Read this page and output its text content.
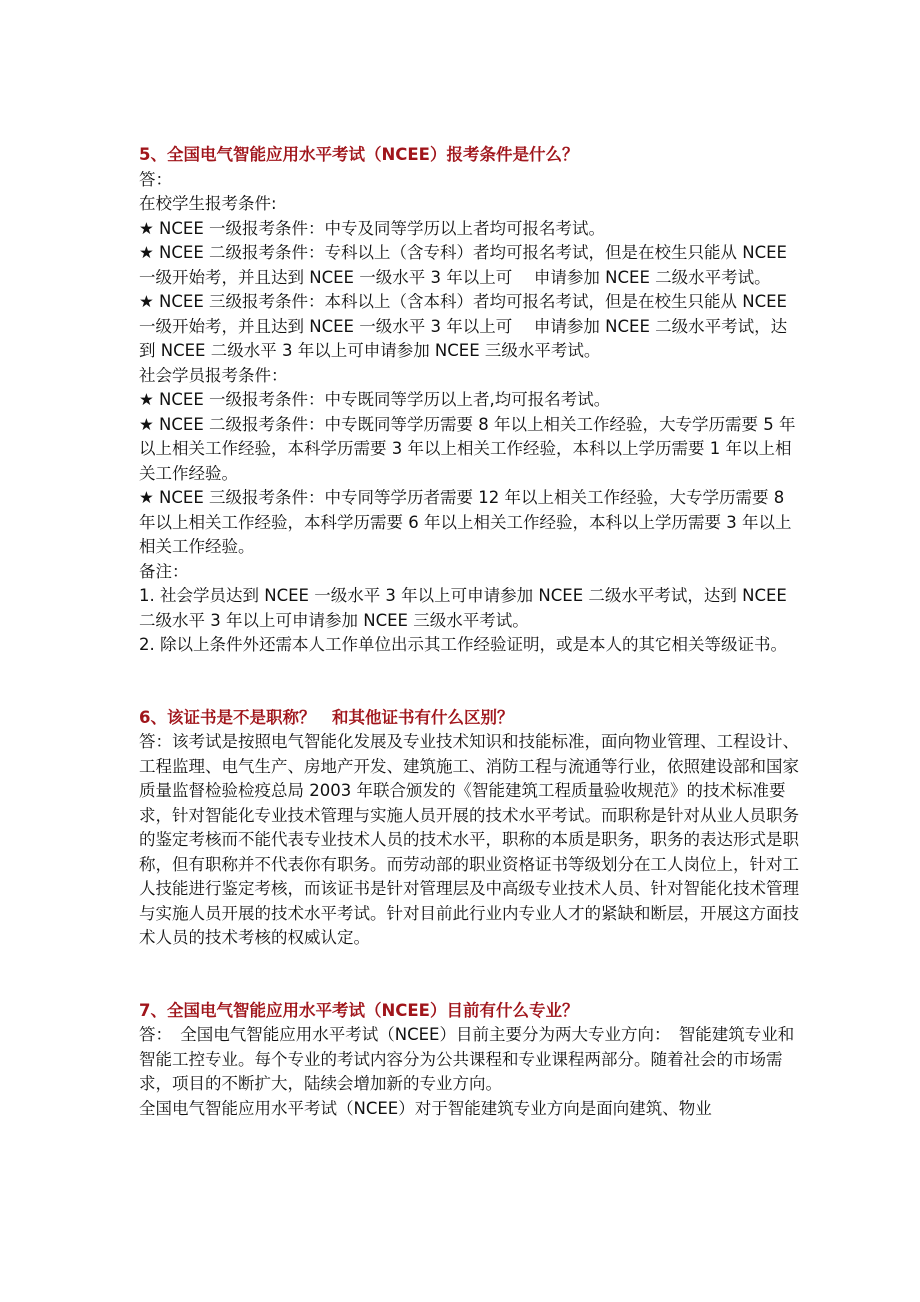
5、全国电气智能应用水平考试（NCEE）报考条件是什么？

答：

在校学生报考条件:

★ NCEE 一级报考条件：中专及同等学历以上者均可报名考试。

★ NCEE 二级报考条件：专科以上（含专科）者均可报名考试，但是在校生只能从 NCEE 一级开始考，并且达到 NCEE 一级水平 3 年以上可 　申请参加 NCEE 二级水平考试。

★ NCEE 三级报考条件：本科以上（含本科）者均可报名考试，但是在校生只能从 NCEE 一级开始考，并且达到 NCEE 一级水平 3 年以上可 　申请参加 NCEE 二级水平考试，达到 NCEE 二级水平 3 年以上可申请参加 NCEE 三级水平考试。

社会学员报考条件：

★ NCEE 一级报考条件：中专既同等学历以上者,均可报名考试。

★ NCEE 二级报考条件：中专既同等学历需要 8 年以上相关工作经验，大专学历需要 5 年以上相关工作经验，本科学历需要 3 年以上相关工作经验，本科以上学历需要 1 年以上相关工作经验。

★ NCEE 三级报考条件：中专同等学历者需要 12 年以上相关工作经验，大专学历需要 8 年以上相关工作经验，本科学历需要 6 年以上相关工作经验，本科以上学历需要 3 年以上相关工作经验。

备注：

1. 社会学员达到 NCEE 一级水平 3 年以上可申请参加 NCEE 二级水平考试，达到 NCEE 二级水平 3 年以上可申请参加 NCEE 三级水平考试。

2. 除以上条件外还需本人工作单位出示其工作经验证明，或是本人的其它相关等级证书。

6、该证书是不是职称？　和其他证书有什么区别？

答：该考试是按照电气智能化发展及专业技术知识和技能标准，面向物业管理、工程设计、工程监理、电气生产、房地产开发、建筑施工、消防工程与流通等行业，依照建设部和国家质量监督检验检疫总局 2003 年联合颁发的《智能建筑工程质量验收规范》的技术标准要求，针对智能化专业技术管理与实施人员开展的技术水平考试。而职称是针对从业人员职务的鉴定考核而不能代表专业技术人员的技术水平，职称的本质是职务，职务的表达形式是职称，但有职称并不代表你有职务。而劳动部的职业资格证书等级划分在工人岗位上，针对工人技能进行鉴定考核，而该证书是针对管理层及中高级专业技术人员、针对智能化技术管理与实施人员开展的技术水平考试。针对目前此行业内专业人才的紧缺和断层，开展这方面技术人员的技术考核的权威认定。

7、全国电气智能应用水平考试（NCEE）目前有什么专业？

答：　全国电气智能应用水平考试（NCEE）目前主要分为两大专业方向：　智能建筑专业和智能工控专业。每个专业的考试内容分为公共课程和专业课程两部分。随着社会的市场需求，项目的不断扩大，陆续会增加新的专业方向。

全国电气智能应用水平考试（NCEE）对于智能建筑专业方向是面向建筑、物业
